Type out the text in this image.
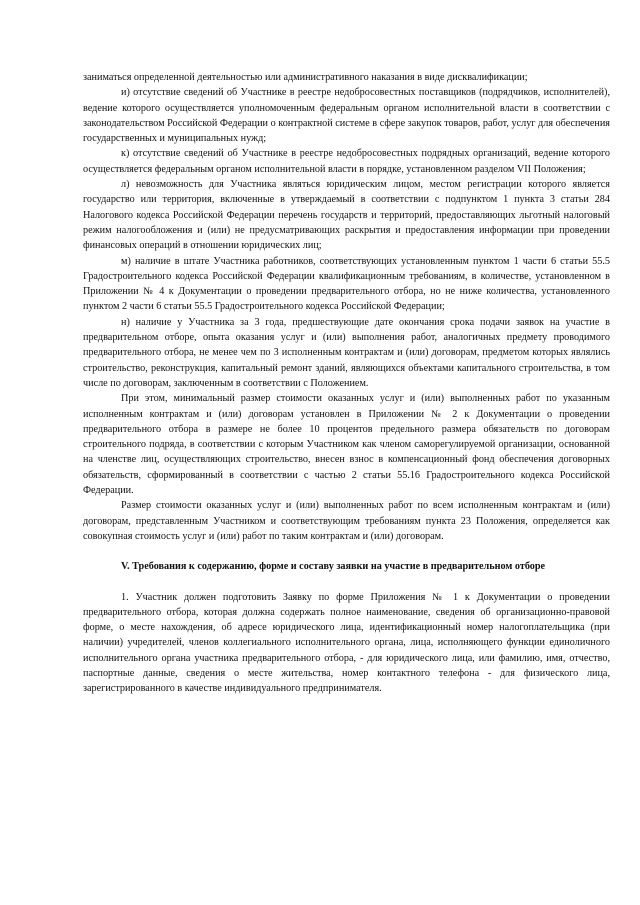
заниматься определенной деятельностью или административного наказания в виде дисквалификации;

и) отсутствие сведений об Участнике в реестре недобросовестных поставщиков (подрядчиков, исполнителей), ведение которого осуществляется уполномоченным федеральным органом исполнительной власти в соответствии с законодательством Российской Федерации о контрактной системе в сфере закупок товаров, работ, услуг для обеспечения государственных и муниципальных нужд;

к) отсутствие сведений об Участнике в реестре недобросовестных подрядных организаций, ведение которого осуществляется федеральным органом исполнительной власти в порядке, установленном разделом VII Положения;

л) невозможность для Участника являться юридическим лицом, местом регистрации которого является государство или территория, включенные в утверждаемый в соответствии с подпунктом 1 пункта 3 статьи 284 Налогового кодекса Российской Федерации перечень государств и территорий, предоставляющих льготный налоговый режим налогообложения и (или) не предусматривающих раскрытия и предоставления информации при проведении финансовых операций в отношении юридических лиц;

м) наличие в штате Участника работников, соответствующих установленным пунктом 1 части 6 статьи 55.5 Градостроительного кодекса Российской Федерации квалификационным требованиям, в количестве, установленном в Приложении № 4 к Документации о проведении предварительного отбора, но не ниже количества, установленного пунктом 2 части 6 статьи 55.5 Градостроительного кодекса Российской Федерации;

н) наличие у Участника за 3 года, предшествующие дате окончания срока подачи заявок на участие в предварительном отборе, опыта оказания услуг и (или) выполнения работ, аналогичных предмету проводимого предварительного отбора, не менее чем по 3 исполненным контрактам и (или) договорам, предметом которых являлись строительство, реконструкция, капитальный ремонт зданий, являющихся объектами капитального строительства, в том числе по договорам, заключенным в соответствии с Положением.

При этом, минимальный размер стоимости оказанных услуг и (или) выполненных работ по указанным исполненным контрактам и (или) договорам установлен в Приложении № 2 к Документации о проведении предварительного отбора в размере не более 10 процентов предельного размера обязательств по договорам строительного подряда, в соответствии с которым Участником как членом саморегулируемой организации, основанной на членстве лиц, осуществляющих строительство, внесен взнос в компенсационный фонд обеспечения договорных обязательств, сформированный в соответствии с частью 2 статьи 55.16 Градостроительного кодекса Российской Федерации.

Размер стоимости оказанных услуг и (или) выполненных работ по всем исполненным контрактам и (или) договорам, представленным Участником и соответствующим требованиям пункта 23 Положения, определяется как совокупная стоимость услуг и (или) работ по таким контрактам и (или) договорам.

V. Требования к содержанию, форме и составу заявки на участие в предварительном отборе

1. Участник должен подготовить Заявку по форме Приложения № 1 к Документации о проведении предварительного отбора, которая должна содержать полное наименование, сведения об организационно-правовой форме, о месте нахождения, об адресе юридического лица, идентификационный номер налогоплательщика (при наличии) учредителей, членов коллегиального исполнительного органа, лица, исполняющего функции единоличного исполнительного органа участника предварительного отбора, - для юридического лица, или фамилию, имя, отчество, паспортные данные, сведения о месте жительства, номер контактного телефона - для физического лица, зарегистрированного в качестве индивидуального предпринимателя.
